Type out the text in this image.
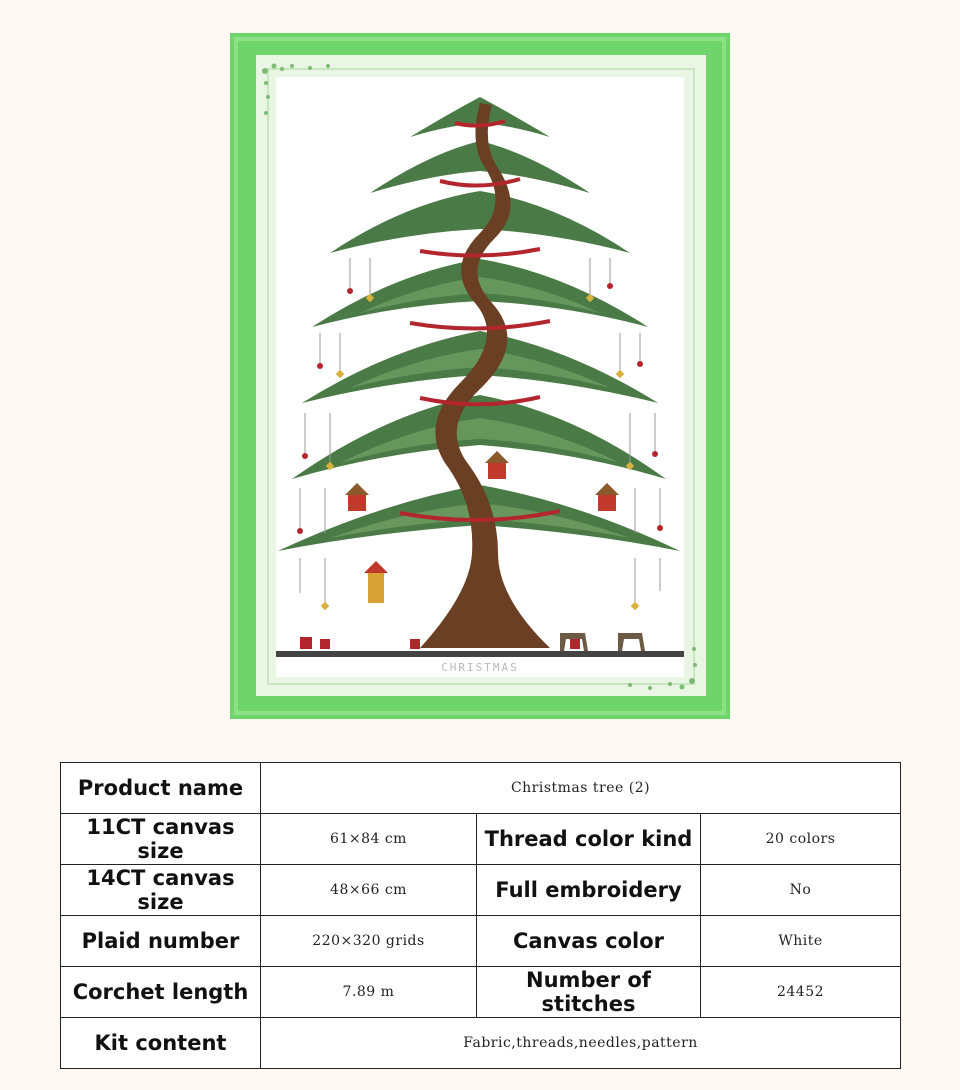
CHRISTMAS
Product name	Christmas tree (2)		
11CT canvas size	61×84 cm	Thread color kind	20 colors
14CT canvas size	48×66 cm	Full embroidery	No
Plaid number	220×320 grids	Canvas color	White
Corchet length	7.89 m	Number of stitches	24452
Kit content	Fabric,threads,needles,pattern		
